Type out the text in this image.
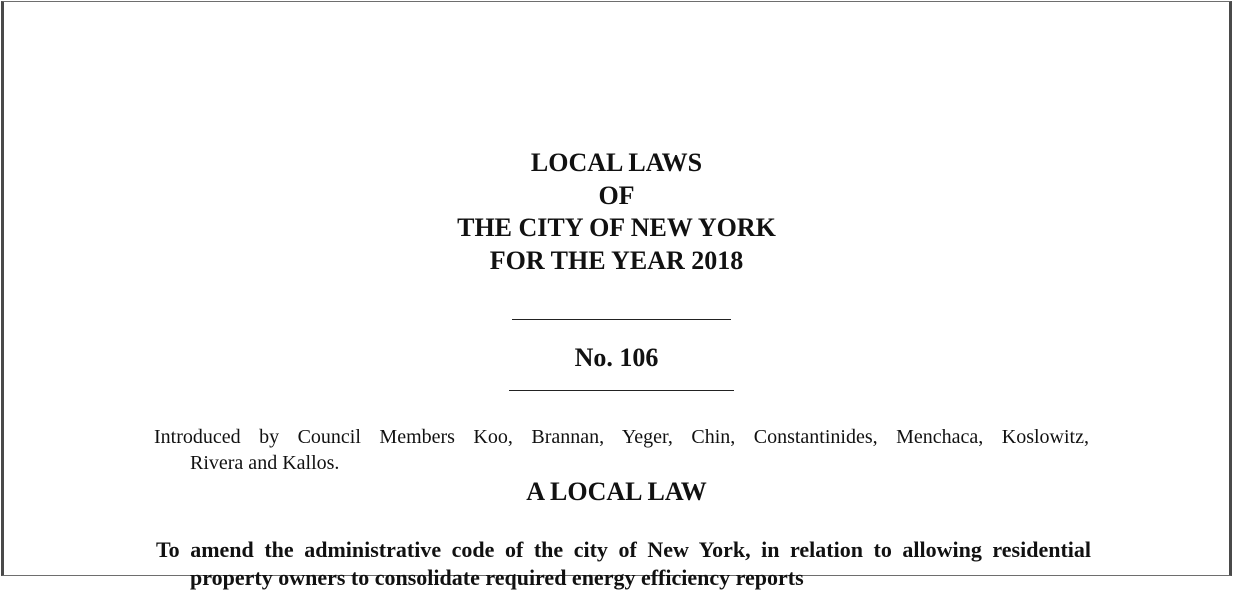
LOCAL LAWS
OF
THE CITY OF NEW YORK
FOR THE YEAR 2018
No. 106
Introduced by Council Members Koo, Brannan, Yeger, Chin, Constantinides, Menchaca, Koslowitz,
Rivera and Kallos.
A LOCAL LAW
To amend the administrative code of the city of New York, in relation to allowing residential
property owners to consolidate required energy efficiency reports
